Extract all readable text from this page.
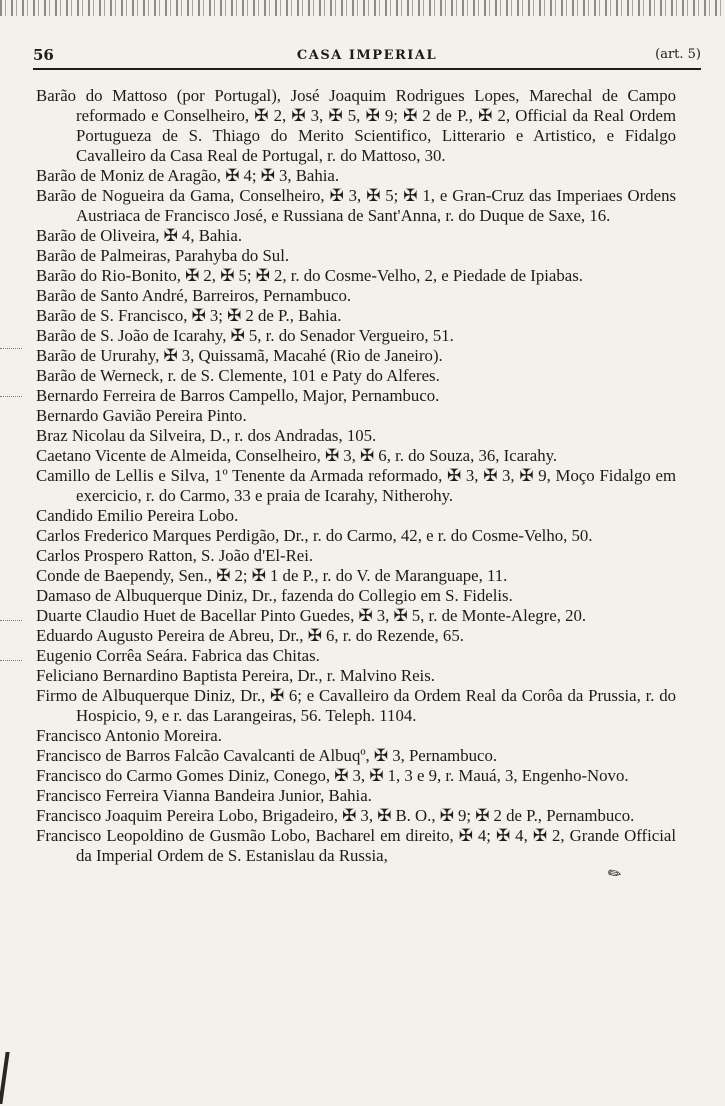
56	CASA IMPERIAL	(art. 5)

Barão do Mattoso (por Portugal), José Joaquim Rodrigues Lopes, Marechal de Campo reformado e Conselheiro, ✠ 2, ✠ 3, ✠ 5, ✠ 9; ✠ 2 de P., ✠ 2, Official da Real Ordem Portugueza de S. Thiago do Merito Scientifico, Litterario e Artistico, e Fidalgo Cavalleiro da Casa Real de Portugal, r. do Mattoso, 30.

Barão de Moniz de Aragão, ✠ 4; ✠ 3, Bahia.

Barão de Nogueira da Gama, Conselheiro, ✠ 3, ✠ 5; ✠ 1, e Gran-Cruz das Imperiaes Ordens Austriaca de Francisco José, e Russiana de Sant'Anna, r. do Duque de Saxe, 16.

Barão de Oliveira, ✠ 4, Bahia.

Barão de Palmeiras, Parahyba do Sul.

Barão do Rio-Bonito, ✠ 2, ✠ 5; ✠ 2, r. do Cosme-Velho, 2, e Piedade de Ipiabas.

Barão de Santo André, Barreiros, Pernambuco.

Barão de S. Francisco, ✠ 3; ✠ 2 de P., Bahia.

Barão de S. João de Icarahy, ✠ 5, r. do Senador Vergueiro, 51.

Barão de Ururahy, ✠ 3, Quissamã, Macahé (Rio de Janeiro).

Barão de Werneck, r. de S. Clemente, 101 e Paty do Alferes.

Bernardo Ferreira de Barros Campello, Major, Pernambuco.

Bernardo Gavião Pereira Pinto.

Braz Nicolau da Silveira, D., r. dos Andradas, 105.

Caetano Vicente de Almeida, Conselheiro, ✠ 3, ✠ 6, r. do Souza, 36, Icarahy.

Camillo de Lellis e Silva, 1º Tenente da Armada reformado, ✠ 3, ✠ 3, ✠ 9, Moço Fidalgo em exercicio, r. do Carmo, 33 e praia de Icarahy, Nitherohy.

Candido Emilio Pereira Lobo.

Carlos Frederico Marques Perdigão, Dr., r. do Carmo, 42, e r. do Cosme-Velho, 50.

Carlos Prospero Ratton, S. João d'El-Rei.

Conde de Baependy, Sen., ✠ 2; ✠ 1 de P., r. do V. de Maranguape, 11.

Damaso de Albuquerque Diniz, Dr., fazenda do Collegio em S. Fidelis.

Duarte Claudio Huet de Bacellar Pinto Guedes, ✠ 3, ✠ 5, r. de Monte-Alegre, 20.

Eduardo Augusto Pereira de Abreu, Dr., ✠ 6, r. do Rezende, 65.

Eugenio Corrêa Seára. Fabrica das Chitas.

Feliciano Bernardino Baptista Pereira, Dr., r. Malvino Reis.

Firmo de Albuquerque Diniz, Dr., ✠ 6; e Cavalleiro da Ordem Real da Corôa da Prussia, r. do Hospicio, 9, e r. das Larangeiras, 56. Teleph. 1104.

Francisco Antonio Moreira.

Francisco de Barros Falcão Cavalcanti de Albuqº, ✠ 3, Pernambuco.

Francisco do Carmo Gomes Diniz, Conego, ✠ 3, ✠ 1, 3 e 9, r. Mauá, 3, Engenho-Novo.

Francisco Ferreira Vianna Bandeira Junior, Bahia.

Francisco Joaquim Pereira Lobo, Brigadeiro, ✠ 3, ✠ B. O., ✠ 9; ✠ 2 de P., Pernambuco.

Francisco Leopoldino de Gusmão Lobo, Bacharel em direito, ✠ 4; ✠ 4, ✠ 2, Grande Official da Imperial Ordem de S. Estanislau da Russia,

✎
